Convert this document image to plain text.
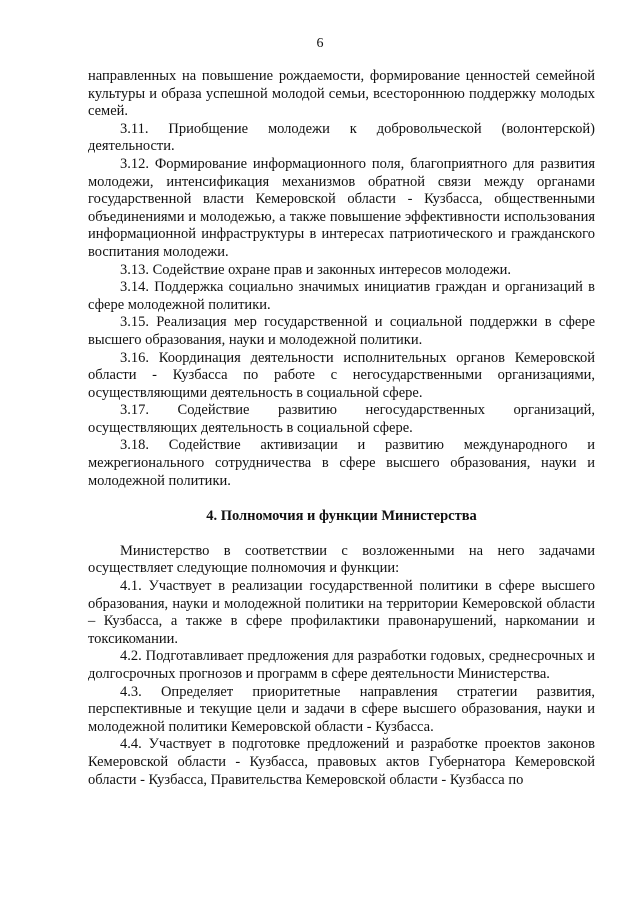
6

направленных на повышение рождаемости, формирование ценностей семейной культуры и образа успешной молодой семьи, всестороннюю поддержку молодых семей.

3.11. Приобщение молодежи к добровольческой (волонтерской) деятельности.

3.12. Формирование информационного поля, благоприятного для развития молодежи, интенсификация механизмов обратной связи между органами государственной власти Кемеровской области - Кузбасса, общественными объединениями и молодежью, а также повышение эффективности использования информационной инфраструктуры в интересах патриотического и гражданского воспитания молодежи.

3.13. Содействие охране прав и законных интересов молодежи.

3.14. Поддержка социально значимых инициатив граждан и организаций в сфере молодежной политики.

3.15. Реализация мер государственной и социальной поддержки в сфере высшего образования, науки и молодежной политики.

3.16. Координация деятельности исполнительных органов Кемеровской области - Кузбасса по работе с негосударственными организациями, осуществляющими деятельность в социальной сфере.

3.17. Содействие развитию негосударственных организаций, осуществляющих деятельность в социальной сфере.

3.18. Содействие активизации и развитию международного и межрегионального сотрудничества в сфере высшего образования, науки и молодежной политики.

4. Полномочия и функции Министерства

Министерство в соответствии с возложенными на него задачами осуществляет следующие полномочия и функции:

4.1. Участвует в реализации государственной политики в сфере высшего образования, науки и молодежной политики на территории Кемеровской области – Кузбасса, а также в сфере профилактики правонарушений, наркомании и токсикомании.

4.2. Подготавливает предложения для разработки годовых, среднесрочных и долгосрочных прогнозов и программ в сфере деятельности Министерства.

4.3. Определяет приоритетные направления стратегии развития, перспективные и текущие цели и задачи в сфере высшего образования, науки и молодежной политики Кемеровской области - Кузбасса.

4.4. Участвует в подготовке предложений и разработке проектов законов Кемеровской области - Кузбасса, правовых актов Губернатора Кемеровской области - Кузбасса, Правительства Кемеровской области - Кузбасса по
